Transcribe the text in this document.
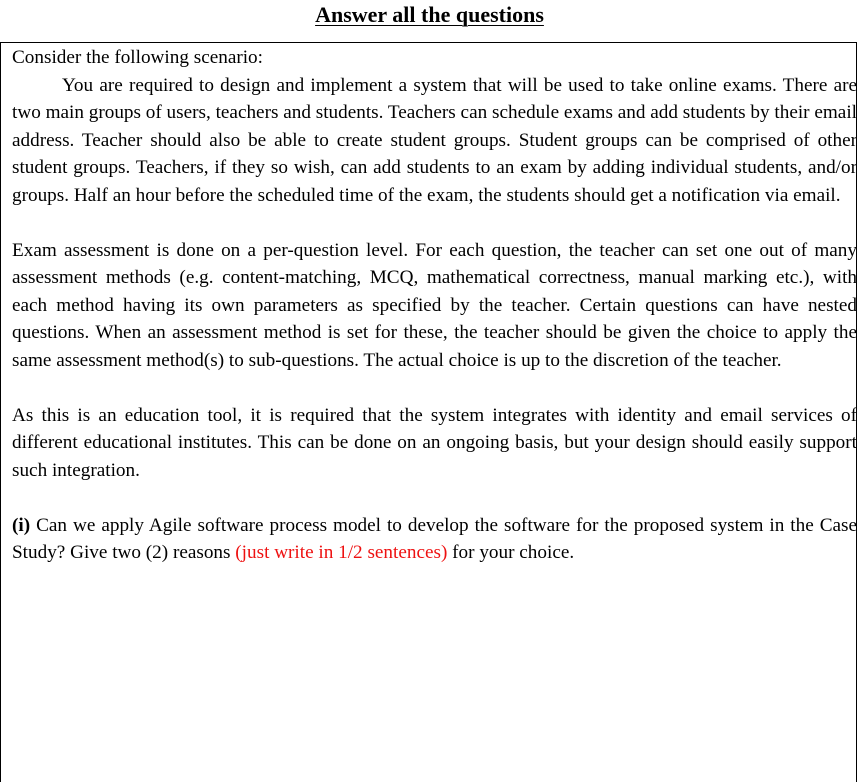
Answer all the questions

Consider the following scenario:

You are required to design and implement a system that will be used to take online exams. There are two main groups of users, teachers and students. Teachers can schedule exams and add students by their email address. Teacher should also be able to create student groups. Student groups can be comprised of other student groups. Teachers, if they so wish, can add students to an exam by adding individual students, and/or groups. Half an hour before the scheduled time of the exam, the students should get a notification via email.

Exam assessment is done on a per-question level. For each question, the teacher can set one out of many assessment methods (e.g. content-matching, MCQ, mathematical correctness, manual marking etc.), with each method having its own parameters as specified by the teacher. Certain questions can have nested questions. When an assessment method is set for these, the teacher should be given the choice to apply the same assessment method(s) to sub-questions. The actual choice is up to the discretion of the teacher.

As this is an education tool, it is required that the system integrates with identity and email services of different educational institutes. This can be done on an ongoing basis, but your design should easily support such integration.

(i) Can we apply Agile software process model to develop the software for the proposed system in the Case Study? Give two (2) reasons (just write in 1/2 sentences) for your choice.
